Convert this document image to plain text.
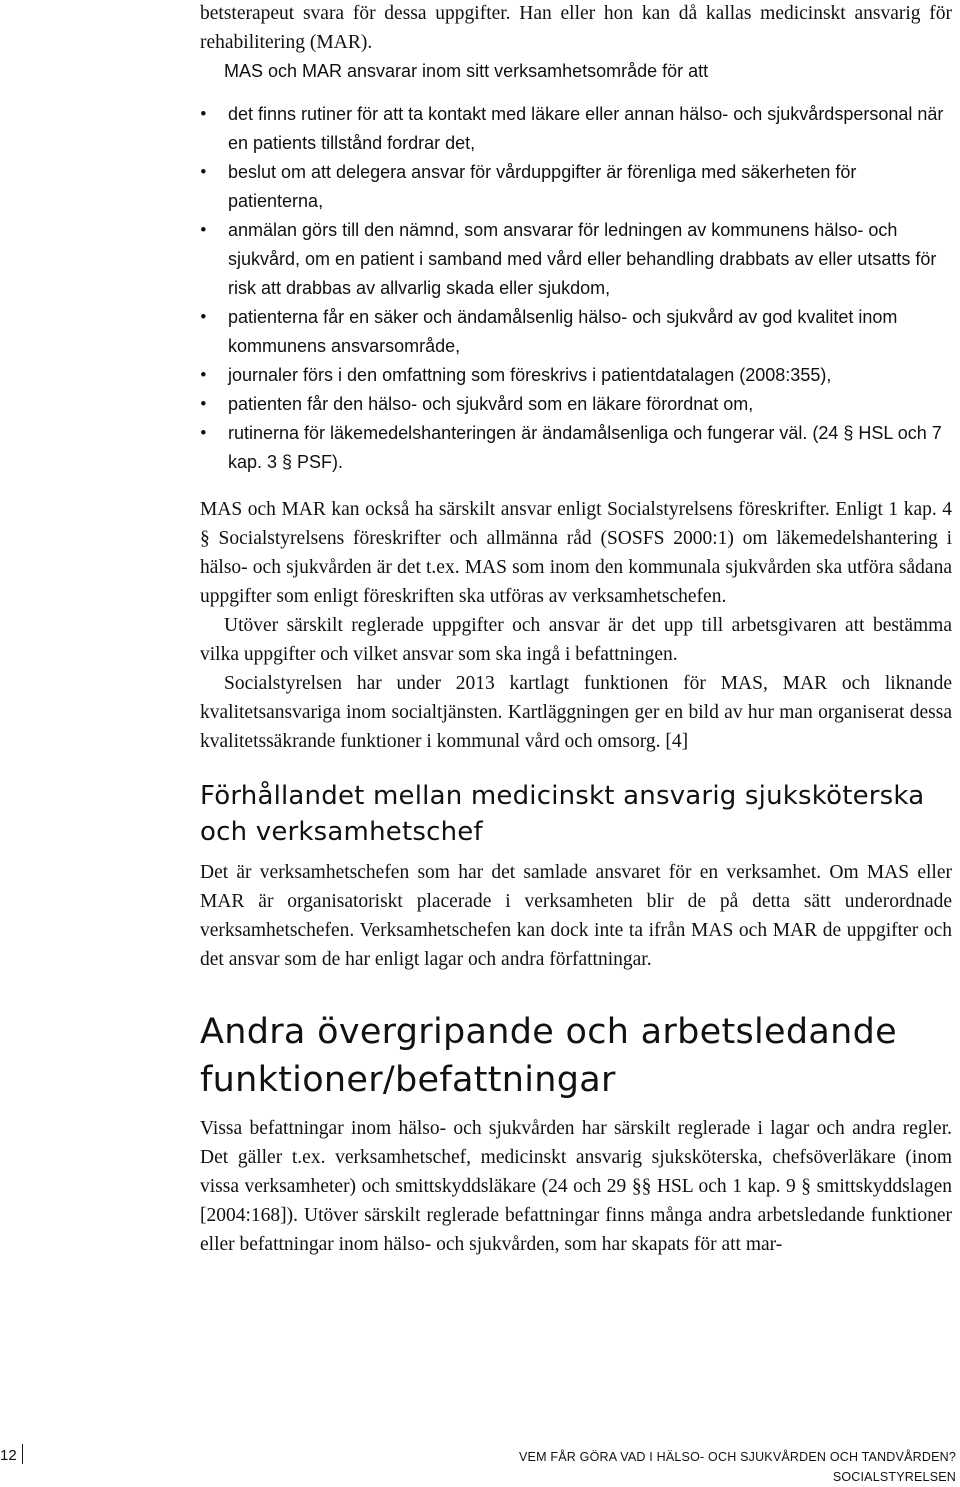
betsterapeut svara för dessa uppgifter. Han eller hon kan då kallas medicinskt ansvarig för rehabilitering (MAR).

MAS och MAR ansvarar inom sitt verksamhetsområde för att

• det finns rutiner för att ta kontakt med läkare eller annan hälso- och sjukvårdspersonal när en patients tillstånd fordrar det,

• beslut om att delegera ansvar för vårduppgifter är förenliga med säkerheten för patienterna,

• anmälan görs till den nämnd, som ansvarar för ledningen av kommunens hälso- och sjukvård, om en patient i samband med vård eller behandling drabbats av eller utsatts för risk att drabbas av allvarlig skada eller sjukdom,

• patienterna får en säker och ändamålsenlig hälso- och sjukvård av god kvalitet inom kommunens ansvarsområde,

• journaler förs i den omfattning som föreskrivs i patientdatalagen (2008:355),

• patienten får den hälso- och sjukvård som en läkare förordnat om,

• rutinerna för läkemedelshanteringen är ändamålsenliga och fungerar väl. (24 § HSL och 7 kap. 3 § PSF).

MAS och MAR kan också ha särskilt ansvar enligt Socialstyrelsens föreskrifter. Enligt 1 kap. 4 § Socialstyrelsens föreskrifter och allmänna råd (SOSFS 2000:1) om läkemedelshantering i hälso- och sjukvården är det t.ex. MAS som inom den kommunala sjukvården ska utföra sådana uppgifter som enligt föreskriften ska utföras av verksamhetschefen.

Utöver särskilt reglerade uppgifter och ansvar är det upp till arbetsgivaren att bestämma vilka uppgifter och vilket ansvar som ska ingå i befattningen.

Socialstyrelsen har under 2013 kartlagt funktionen för MAS, MAR och liknande kvalitetsansvariga inom socialtjänsten. Kartläggningen ger en bild av hur man organiserat dessa kvalitetssäkrande funktioner i kommunal vård och omsorg. [4]

Förhållandet mellan medicinskt ansvarig sjuksköterska och verksamhetschef

Det är verksamhetschefen som har det samlade ansvaret för en verksamhet. Om MAS eller MAR är organisatoriskt placerade i verksamheten blir de på detta sätt underordnade verksamhetschefen. Verksamhetschefen kan dock inte ta ifrån MAS och MAR de uppgifter och det ansvar som de har enligt lagar och andra författningar.

Andra övergripande och arbetsledande funktioner/befattningar

Vissa befattningar inom hälso- och sjukvården har särskilt reglerade i lagar och andra regler. Det gäller t.ex. verksamhetschef, medicinskt ansvarig sjuksköterska, chefsöverläkare (inom vissa verksamheter) och smittskyddsläkare (24 och 29 §§ HSL och 1 kap. 9 § smittskyddslagen [2004:168]). Utöver särskilt reglerade befattningar finns många andra arbetsledande funktioner eller befattningar inom hälso- och sjukvården, som har skapats för att mar-

12	VEM FÅR GÖRA VAD I HÄLSO- OCH SJUKVÅRDEN OCH TANDVÅRDEN?
SOCIALSTYRELSEN
